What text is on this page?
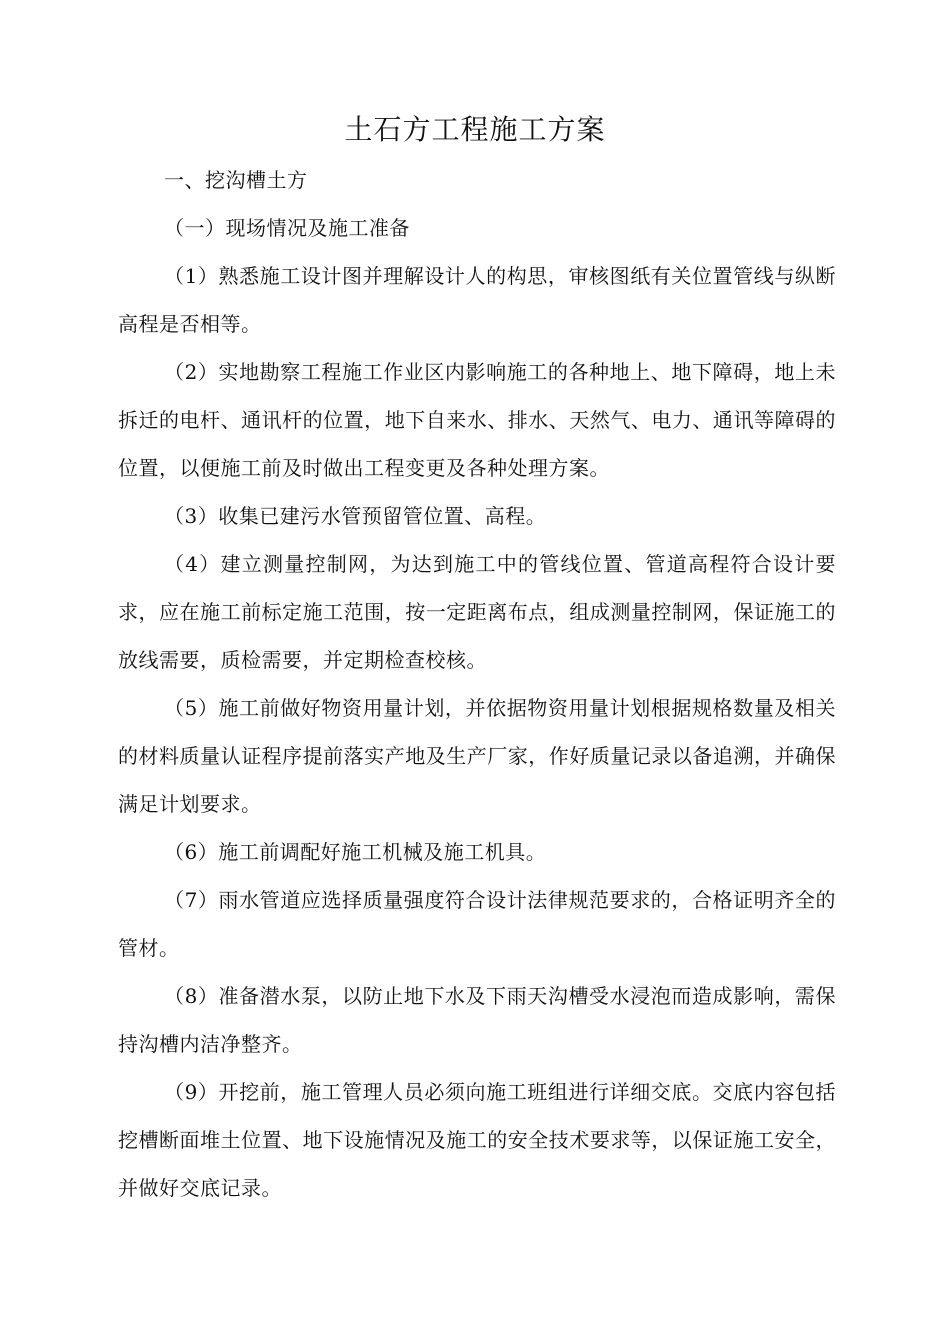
土石方工程施工方案

一、挖沟槽土方

（一）现场情况及施工准备

（1）熟悉施工设计图并理解设计人的构思，审核图纸有关位置管线与纵断高程是否相等。

（2）实地勘察工程施工作业区内影响施工的各种地上、地下障碍，地上未拆迁的电杆、通讯杆的位置，地下自来水、排水、天然气、电力、通讯等障碍的位置，以便施工前及时做出工程变更及各种处理方案。

（3）收集已建污水管预留管位置、高程。

（4）建立测量控制网，为达到施工中的管线位置、管道高程符合设计要求，应在施工前标定施工范围，按一定距离布点，组成测量控制网，保证施工的放线需要，质检需要，并定期检查校核。

（5）施工前做好物资用量计划，并依据物资用量计划根据规格数量及相关的材料质量认证程序提前落实产地及生产厂家，作好质量记录以备追溯，并确保满足计划要求。

（6）施工前调配好施工机械及施工机具。

（7）雨水管道应选择质量强度符合设计法律规范要求的，合格证明齐全的管材。

（8）准备潜水泵，以防止地下水及下雨天沟槽受水浸泡而造成影响，需保持沟槽内洁净整齐。

（9）开挖前，施工管理人员必须向施工班组进行详细交底。交底内容包括挖槽断面堆土位置、地下设施情况及施工的安全技术要求等，以保证施工安全，并做好交底记录。
